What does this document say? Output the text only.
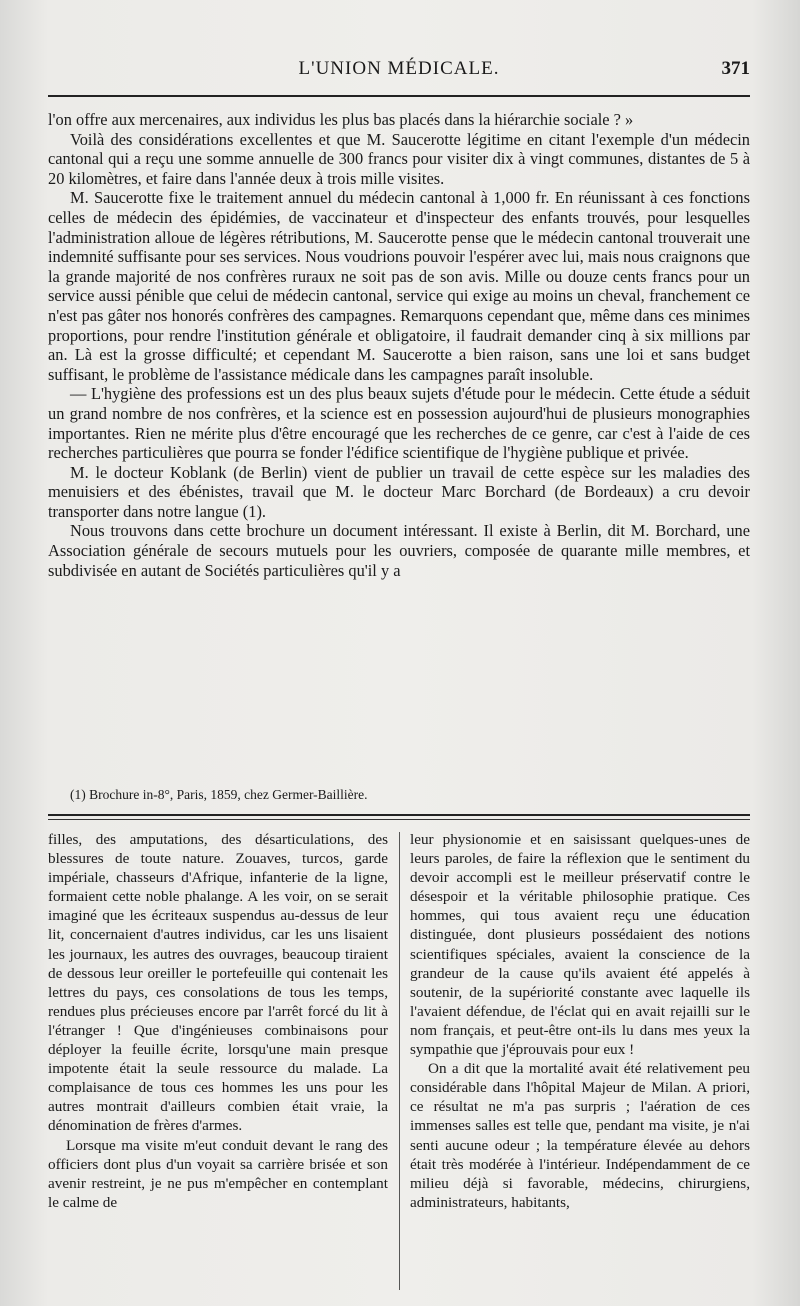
L'UNION MÉDICALE.	371

l'on offre aux mercenaires, aux individus les plus bas placés dans la hiérarchie sociale ? »

Voilà des considérations excellentes et que M. Saucerotte légitime en citant l'exemple d'un médecin cantonal qui a reçu une somme annuelle de 300 francs pour visiter dix à vingt communes, distantes de 5 à 20 kilomètres, et faire dans l'année deux à trois mille visites.

M. Saucerotte fixe le traitement annuel du médecin cantonal à 1,000 fr. En réunissant à ces fonctions celles de médecin des épidémies, de vaccinateur et d'inspecteur des enfants trouvés, pour lesquelles l'administration alloue de légères rétributions, M. Saucerotte pense que le médecin cantonal trouverait une indemnité suffisante pour ses services. Nous voudrions pouvoir l'espérer avec lui, mais nous craignons que la grande majorité de nos confrères ruraux ne soit pas de son avis. Mille ou douze cents francs pour un service aussi pénible que celui de médecin cantonal, service qui exige au moins un cheval, franchement ce n'est pas gâter nos honorés confrères des campagnes. Remarquons cependant que, même dans ces minimes proportions, pour rendre l'institution générale et obligatoire, il faudrait demander cinq à six millions par an. Là est la grosse difficulté; et cependant M. Saucerotte a bien raison, sans une loi et sans budget suffisant, le problème de l'assistance médicale dans les campagnes paraît insoluble.

— L'hygiène des professions est un des plus beaux sujets d'étude pour le médecin. Cette étude a séduit un grand nombre de nos confrères, et la science est en possession aujourd'hui de plusieurs monographies importantes. Rien ne mérite plus d'être encouragé que les recherches de ce genre, car c'est à l'aide de ces recherches particulières que pourra se fonder l'édifice scientifique de l'hygiène publique et privée.

M. le docteur Koblank (de Berlin) vient de publier un travail de cette espèce sur les maladies des menuisiers et des ébénistes, travail que M. le docteur Marc Borchard (de Bordeaux) a cru devoir transporter dans notre langue (1).

Nous trouvons dans cette brochure un document intéressant. Il existe à Berlin, dit M. Borchard, une Association générale de secours mutuels pour les ouvriers, composée de quarante mille membres, et subdivisée en autant de Sociétés particulières qu'il y a

(1) Brochure in-8°, Paris, 1859, chez Germer-Baillière.

filles, des amputations, des désarticulations, des blessures de toute nature. Zouaves, turcos, garde impériale, chasseurs d'Afrique, infanterie de la ligne, formaient cette noble phalange. A les voir, on se serait imaginé que les écriteaux suspendus au-dessus de leur lit, concernaient d'autres individus, car les uns lisaient les journaux, les autres des ouvrages, beaucoup tiraient de dessous leur oreiller le portefeuille qui contenait les lettres du pays, ces consolations de tous les temps, rendues plus précieuses encore par l'arrêt forcé du lit à l'étranger ! Que d'ingénieuses combinaisons pour déployer la feuille écrite, lorsqu'une main presque impotente était la seule ressource du malade. La complaisance de tous ces hommes les uns pour les autres montrait d'ailleurs combien était vraie, la dénomination de frères d'armes.

Lorsque ma visite m'eut conduit devant le rang des officiers dont plus d'un voyait sa carrière brisée et son avenir restreint, je ne pus m'empêcher en contemplant le calme de

leur physionomie et en saisissant quelques-unes de leurs paroles, de faire la réflexion que le sentiment du devoir accompli est le meilleur préservatif contre le désespoir et la véritable philosophie pratique. Ces hommes, qui tous avaient reçu une éducation distinguée, dont plusieurs possédaient des notions scientifiques spéciales, avaient la conscience de la grandeur de la cause qu'ils avaient été appelés à soutenir, de la supériorité constante avec laquelle ils l'avaient défendue, de l'éclat qui en avait rejailli sur le nom français, et peut-être ont-ils lu dans mes yeux la sympathie que j'éprouvais pour eux !

On a dit que la mortalité avait été relativement peu considérable dans l'hôpital Majeur de Milan. A priori, ce résultat ne m'a pas surpris ; l'aération de ces immenses salles est telle que, pendant ma visite, je n'ai senti aucune odeur ; la température élevée au dehors était très modérée à l'intérieur. Indépendamment de ce milieu déjà si favorable, médecins, chirurgiens, administrateurs, habitants,
